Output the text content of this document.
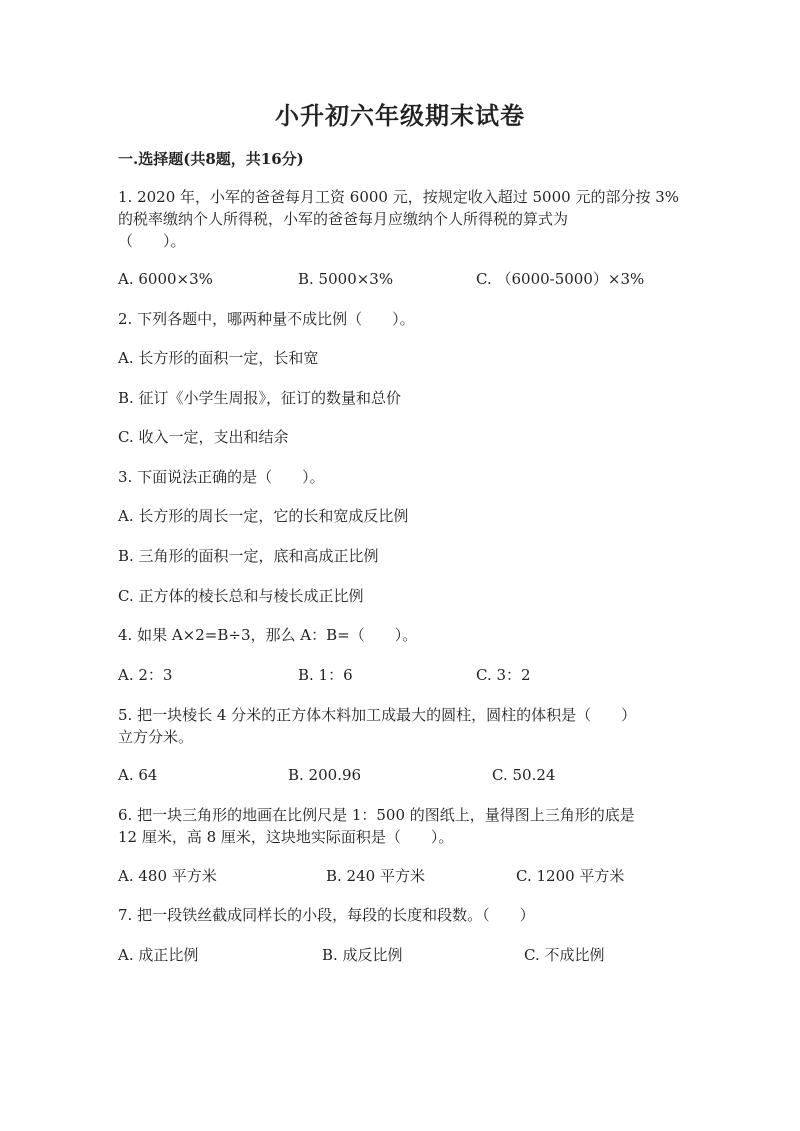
小升初六年级期末试卷

一.选择题(共8题，共16分)

1. 2020 年，小军的爸爸每月工资 6000 元，按规定收入超过 5000 元的部分按 3%
的税率缴纳个人所得税，小军的爸爸每月应缴纳个人所得税的算式为
（　　）。

A. 6000×3%	B. 5000×3%	C. （6000-5000）×3%

2. 下列各题中，哪两种量不成比例（　　）。

A. 长方形的面积一定，长和宽

B. 征订《小学生周报》，征订的数量和总价

C. 收入一定，支出和结余

3. 下面说法正确的是（　　）。

A. 长方形的周长一定，它的长和宽成反比例

B. 三角形的面积一定，底和高成正比例

C. 正方体的棱长总和与棱长成正比例

4. 如果 A×2=B÷3，那么 A：B=（　　）。

A. 2：3	B. 1：6	C. 3：2

5. 把一块棱长 4 分米的正方体木料加工成最大的圆柱，圆柱的体积是（　　）
立方分米。

A. 64	B. 200.96	C. 50.24

6. 把一块三角形的地画在比例尺是 1：500 的图纸上，量得图上三角形的底是
12 厘米，高 8 厘米，这块地实际面积是（　　）。

A. 480 平方米	B. 240 平方米	C. 1200 平方米

7. 把一段铁丝截成同样长的小段，每段的长度和段数。（　　）

A. 成正比例	B. 成反比例	C. 不成比例
